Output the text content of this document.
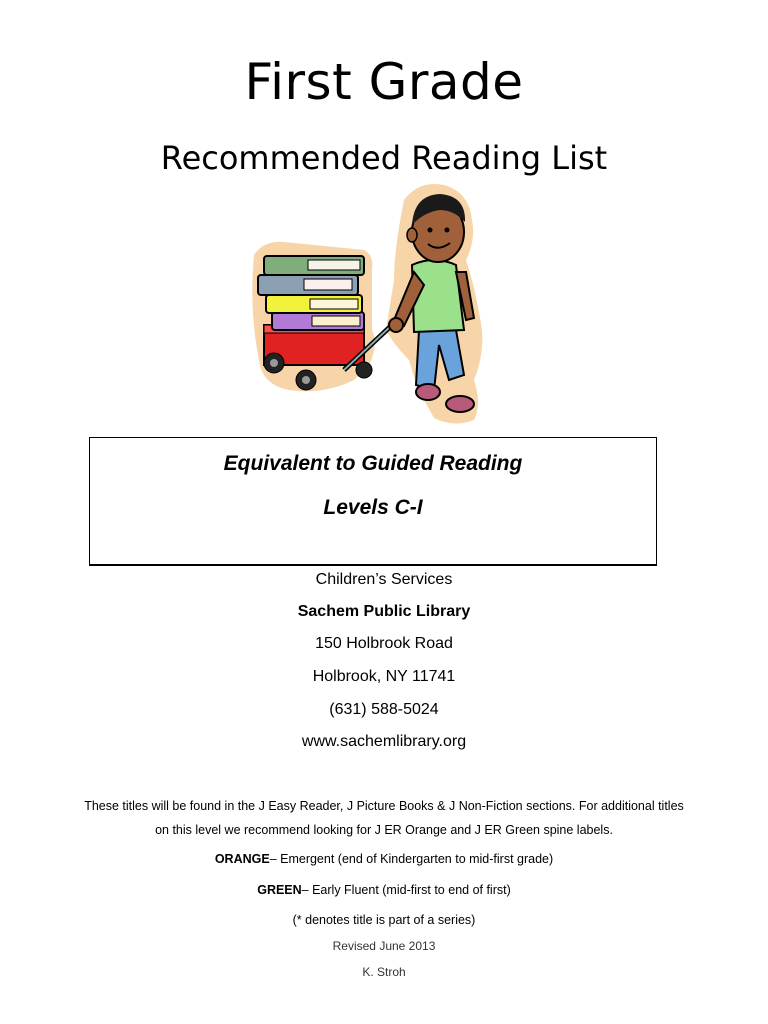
First Grade
Recommended Reading List
Equivalent to Guided Reading
Levels C-I
Children’s Services
Sachem Public Library
150 Holbrook Road
Holbrook, NY 11741
(631) 588-5024
www.sachemlibrary.org
These titles will be found in the J Easy Reader, J Picture Books & J Non-Fiction sections. For additional titles
on this level we recommend looking for J ER Orange and J ER Green spine labels.
ORANGE– Emergent (end of Kindergarten to mid-first grade)
GREEN– Early Fluent (mid-first to end of first)
(* denotes title is part of a series)
Revised June 2013
K. Stroh
